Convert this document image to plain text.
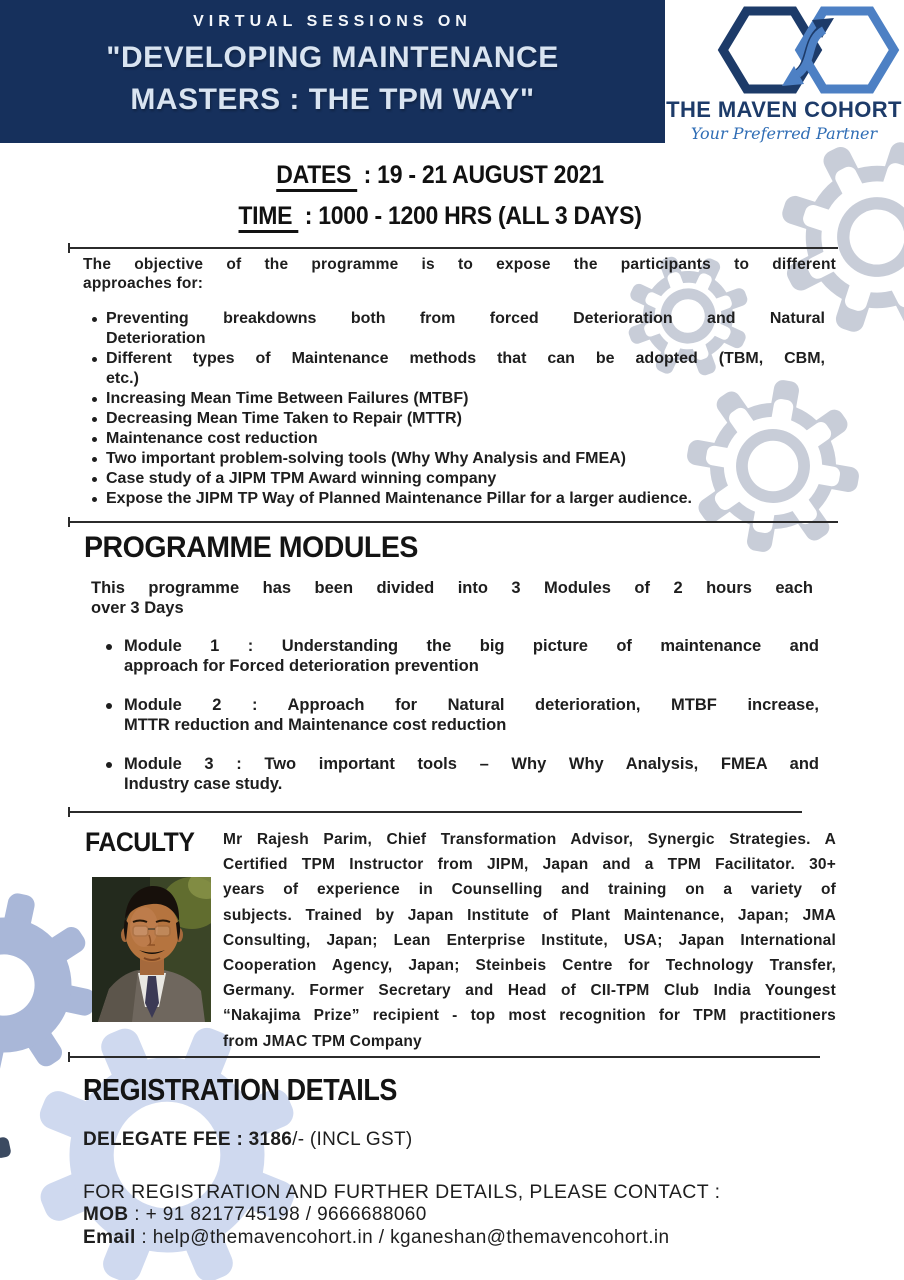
VIRTUAL SESSIONS ON
"DEVELOPING MAINTENANCE
MASTERS : THE TPM WAY"	THE MAVEN COHORT
Your Preferred Partner
DATES : 19 - 21 AUGUST 2021
TIME : 1000 - 1200 HRS (ALL 3 DAYS)
The objective of the programme is to expose the participants to different
approaches for:
Preventing breakdowns both from forced Deterioration and Natural
Deterioration
Different types of Maintenance methods that can be adopted (TBM, CBM,
etc.)
Increasing Mean Time Between Failures (MTBF)
Decreasing Mean Time Taken to Repair (MTTR)
Maintenance cost reduction
Two important problem-solving tools (Why Why Analysis and FMEA)
Case study of a JIPM TPM Award winning company
Expose the JIPM TP Way of Planned Maintenance Pillar for a larger audience.
PROGRAMME MODULES
This programme has been divided into 3 Modules of 2 hours each
over 3 Days
Module 1 : Understanding the big picture of maintenance and
approach for Forced deterioration prevention
Module 2 : Approach for Natural deterioration, MTBF increase,
MTTR reduction and Maintenance cost reduction
Module 3 : Two important tools – Why Why Analysis, FMEA and
Industry case study.
FACULTY Mr Rajesh Parim, Chief Transformation Advisor, Synergic Strategies. A
Certified TPM Instructor from JIPM, Japan and a TPM Facilitator. 30+
years of experience in Counselling and training on a variety of
subjects. Trained by Japan Institute of Plant Maintenance, Japan; JMA
Consulting, Japan; Lean Enterprise Institute, USA; Japan International
Cooperation Agency, Japan; Steinbeis Centre for Technology Transfer,
Germany. Former Secretary and Head of CII-TPM Club India Youngest
“Nakajima Prize” recipient - top most recognition for TPM practitioners
from JMAC TPM Company
REGISTRATION DETAILS
DELEGATE FEE : 3186/- (INCL GST)
FOR REGISTRATION AND FURTHER DETAILS, PLEASE CONTACT :
MOB : + 91 8217745198 / 9666688060
Email : help@themavencohort.in / kganeshan@themavencohort.in
